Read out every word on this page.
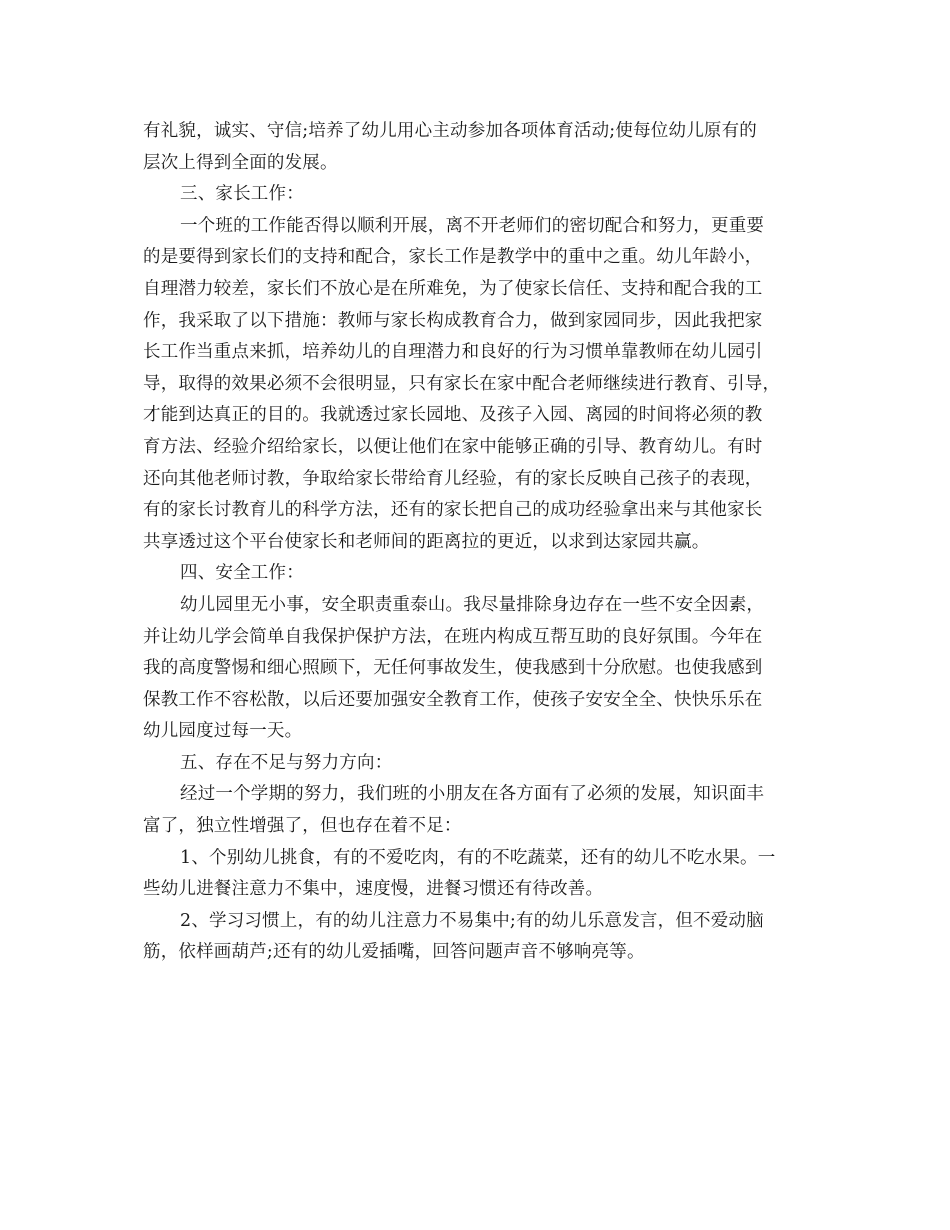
有礼貌，诚实、守信;培养了幼儿用心主动参加各项体育活动;使每位幼儿原有的
层次上得到全面的发展。
三、家长工作：
一个班的工作能否得以顺利开展，离不开老师们的密切配合和努力，更重要
的是要得到家长们的支持和配合，家长工作是教学中的重中之重。幼儿年龄小，
自理潜力较差，家长们不放心是在所难免，为了使家长信任、支持和配合我的工
作，我采取了以下措施：教师与家长构成教育合力，做到家园同步，因此我把家
长工作当重点来抓，培养幼儿的自理潜力和良好的行为习惯单靠教师在幼儿园引
导，取得的效果必须不会很明显，只有家长在家中配合老师继续进行教育、引导，
才能到达真正的目的。我就透过家长园地、及孩子入园、离园的时间将必须的教
育方法、经验介绍给家长，以便让他们在家中能够正确的引导、教育幼儿。有时
还向其他老师讨教，争取给家长带给育儿经验，有的家长反映自己孩子的表现，
有的家长讨教育儿的科学方法，还有的家长把自己的成功经验拿出来与其他家长
共享透过这个平台使家长和老师间的距离拉的更近，以求到达家园共赢。
四、安全工作：
幼儿园里无小事，安全职责重泰山。我尽量排除身边存在一些不安全因素，
并让幼儿学会简单自我保护保护方法，在班内构成互帮互助的良好氛围。今年在
我的高度警惕和细心照顾下，无任何事故发生，使我感到十分欣慰。也使我感到
保教工作不容松散，以后还要加强安全教育工作，使孩子安安全全、快快乐乐在
幼儿园度过每一天。
五、存在不足与努力方向：
经过一个学期的努力，我们班的小朋友在各方面有了必须的发展，知识面丰
富了，独立性增强了，但也存在着不足：
1、个别幼儿挑食，有的不爱吃肉，有的不吃蔬菜，还有的幼儿不吃水果。一
些幼儿进餐注意力不集中，速度慢，进餐习惯还有待改善。
2、学习习惯上，有的幼儿注意力不易集中;有的幼儿乐意发言，但不爱动脑
筋，依样画葫芦;还有的幼儿爱插嘴，回答问题声音不够响亮等。
